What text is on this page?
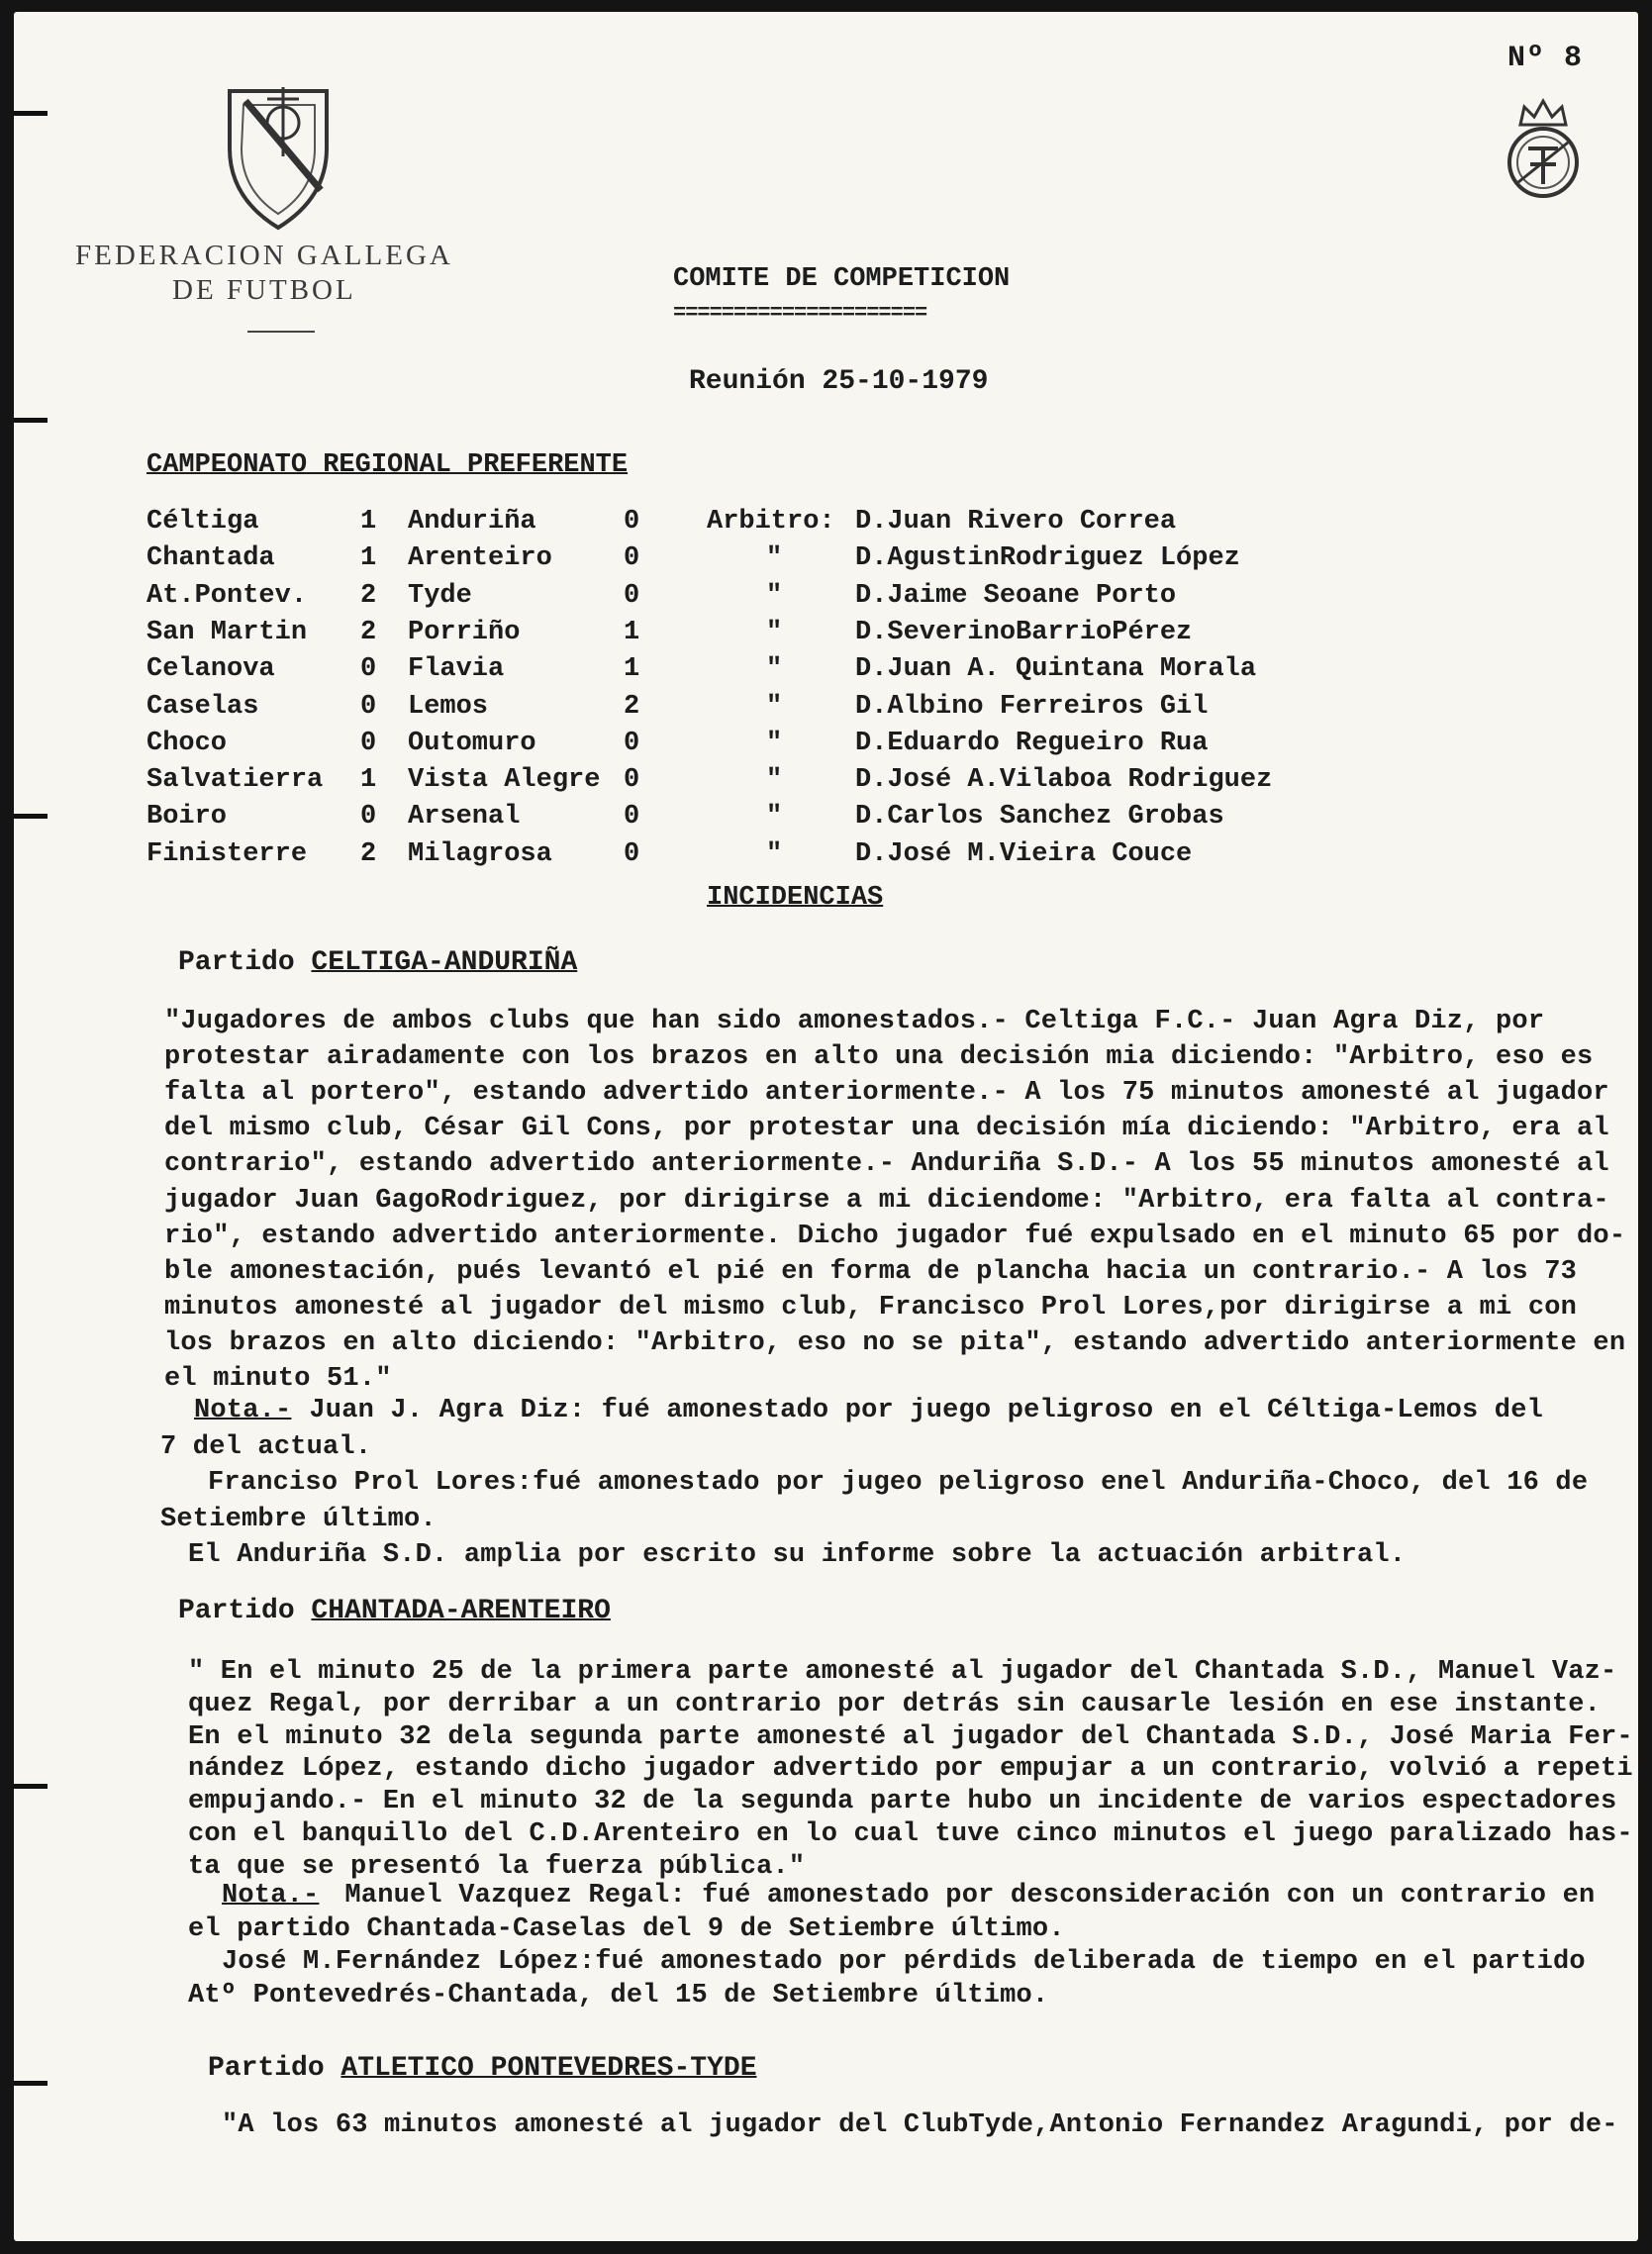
Nº 8
FEDERACION GALLEGA
DE FUTBOL	COMITE DE COMPETICION
=====================
Reunión 25-10-1979
CAMPEONATO REGIONAL PREFERENTE
Céltiga	1 Anduriña	0	Arbitro: D.Juan Rivero Correa
Chantada	1 Arenteiro	0	"	D.AgustinRodriguez López
At.Pontev. 2 Tyde	0	"	D.Jaime Seoane Porto
San Martin 2 Porriño	1	"	D.SeverinoBarrioPérez
Celanova	0 Flavia	1	"	D.Juan A. Quintana Morala
Caselas	0 Lemos	2	"	D.Albino Ferreiros Gil
Choco	0 Outomuro	0	"	D.Eduardo Regueiro Rua
Salvatierra 1 Vista Alegre 0	"	D.José A.Vilaboa Rodriguez
Boiro	0 Arsenal	0	"	D.Carlos Sanchez Grobas
Finisterre 2 Milagrosa	0	"	D.José M.Vieira Couce
INCIDENCIAS
Partido CELTIGA-ANDURIÑA
"Jugadores de ambos clubs que han sido amonestados.- Celtiga F.C.- Juan Agra Diz, por
protestar airadamente con los brazos en alto una decisión mia diciendo: "Arbitro, eso es
falta al portero", estando advertido anteriormente.- A los 75 minutos amonesté al jugador
del mismo club, César Gil Cons, por protestar una decisión mía diciendo: "Arbitro, era al
contrario", estando advertido anteriormente.- Anduriña S.D.- A los 55 minutos amonesté al
jugador Juan GagoRodriguez, por dirigirse a mi diciendome: "Arbitro, era falta al contra-
rio", estando advertido anteriormente. Dicho jugador fué expulsado en el minuto 65 por do-
ble amonestación, pués levantó el pié en forma de plancha hacia un contrario.- A los 73
minutos amonesté al jugador del mismo club, Francisco Prol Lores,por dirigirse a mi con
los brazos en alto diciendo: "Arbitro, eso no se pita", estando advertido anteriormente en
el minuto 51."
Nota.- Juan J. Agra Diz: fué amonestado por juego peligroso en el Céltiga-Lemos del
7 del actual.
Franciso Prol Lores:fué amonestado por jugeo peligroso enel Anduriña-Choco, del 16 de
Setiembre último.
El Anduriña S.D. amplia por escrito su informe sobre la actuación arbitral.
Partido CHANTADA-ARENTEIRO
" En el minuto 25 de la primera parte amonesté al jugador del Chantada S.D., Manuel Vaz-
quez Regal, por derribar a un contrario por detrás sin causarle lesión en ese instante.
En el minuto 32 dela segunda parte amonesté al jugador del Chantada S.D., José Maria Fer-
nández López, estando dicho jugador advertido por empujar a un contrario, volvió a repeti
empujando.- En el minuto 32 de la segunda parte hubo un incidente de varios espectadores
con el banquillo del C.D.Arenteiro en lo cual tuve cinco minutos el juego paralizado has-
ta que se presentó la fuerza pública."
Nota.- Manuel Vazquez Regal: fué amonestado por desconsideración con un contrario en
el partido Chantada-Caselas del 9 de Setiembre último.
José M.Fernández López:fué amonestado por pérdids deliberada de tiempo en el partido
Atº Pontevedrés-Chantada, del 15 de Setiembre último.
Partido ATLETICO PONTEVEDRES-TYDE
"A los 63 minutos amonesté al jugador del ClubTyde,Antonio Fernandez Aragundi, por de-
